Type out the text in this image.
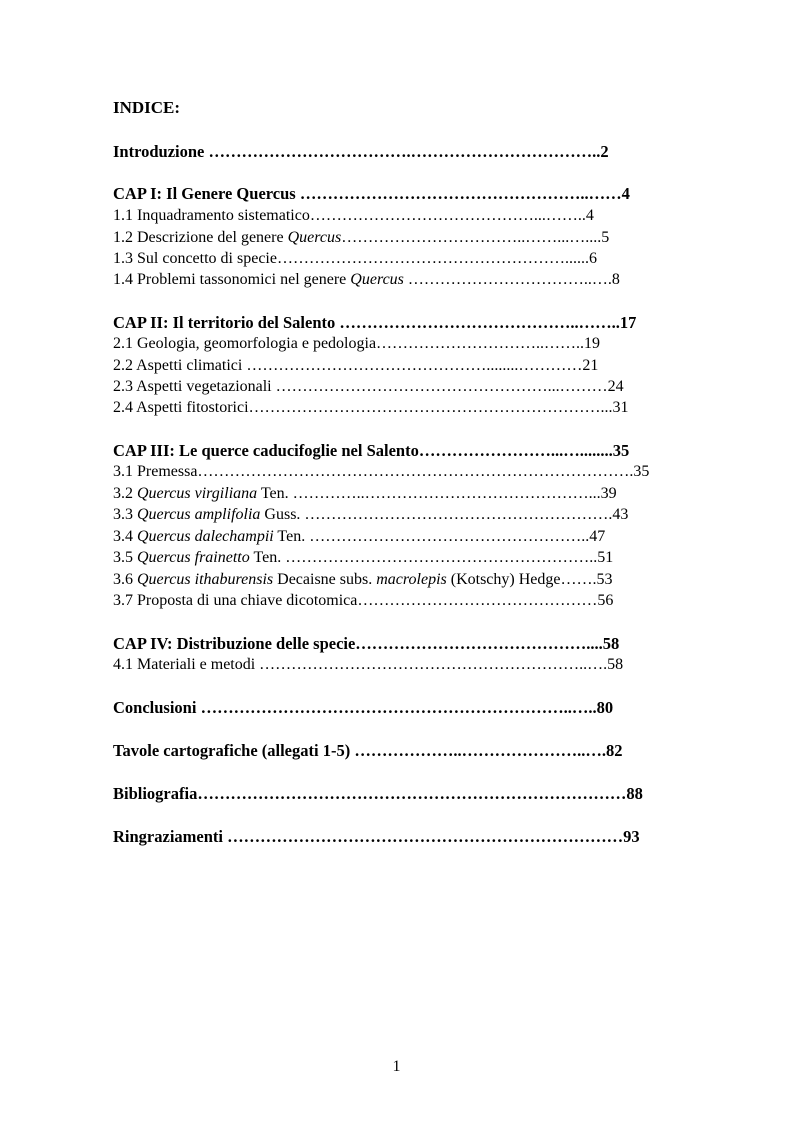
INDICE:
Introduzione ……………………………….……………………………..2
CAP I: Il Genere Quercus ……………………………………………..……4
1.1 Inquadramento sistematico……………………………………...……..4
1.2 Descrizione del genere Quercus……………………………..……...…....5
1.3 Sul concetto di specie………………………………………………......6
1.4 Problemi tassonomici nel genere Quercus ……………………………..….8
CAP II: Il territorio del Salento ……………………………………..……..17
2.1 Geologia, geomorfologia e pedologia…………………………..……..19
2.2 Aspetti climatici ………………………………………........…………21
2.3 Aspetti vegetazionali ……………………………………………...………24
2.4 Aspetti fitostorici…………………………………………………………...31
CAP III: Le querce caducifoglie nel Salento……………………...…........35
3.1 Premessa……………………………………………………………………….35
3.2 Quercus virgiliana Ten. …………..……………………………………...39
3.3 Quercus amplifolia Guss. ………………………………………………….43
3.4 Quercus dalechampii Ten. ……………………………………………..47
3.5 Quercus frainetto Ten. …………………………………………………..51
3.6 Quercus ithaburensis Decaisne subs. macrolepis (Kotschy) Hedge…….53
3.7 Proposta di una chiave dicotomica………………………………………56
CAP IV: Distribuzione delle specie……………………………………....58
4.1 Materiali e metodi ……………………………………………………..….58
Conclusioni …………………………………………………………..…..80
Tavole cartografiche (allegati 1-5) ………………..…………………..….82
Bibliografia……………………………………………………………………88
Ringraziamenti ………………………………………………………………93
1
